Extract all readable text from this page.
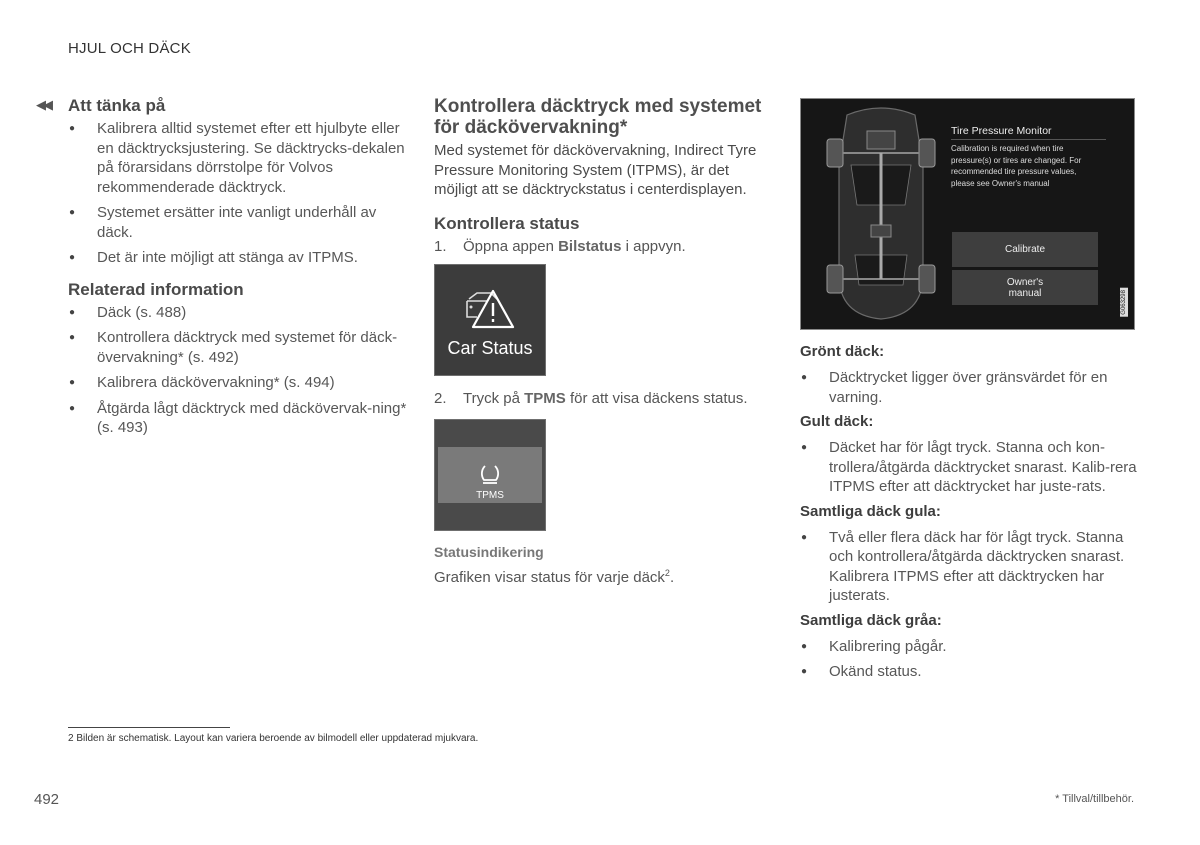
HJUL OCH DÄCK
◀◀ Att tänka på
● Kalibrera alltid systemet efter ett hjulbyte eller en däcktrycksjustering. Se däcktrycks-dekalen på förarsidans dörrstolpe för Volvos rekommenderade däcktryck.
● Systemet ersätter inte vanligt underhåll av däck.
● Det är inte möjligt att stänga av ITPMS.
Relaterad information
● Däck (s. 488)
● Kontrollera däcktryck med systemet för däck-övervakning* (s. 492)
● Kalibrera däckövervakning* (s. 494)
● Åtgärda lågt däcktryck med däckövervak-ning* (s. 493)
Kontrollera däcktryck med systemet för däckövervakning*
Med systemet för däckövervakning, Indirect Tyre Pressure Monitoring System (ITPMS), är det möjligt att se däcktryckstatus i centerdisplayen.
Kontrollera status
1. Öppna appen Bilstatus i appvyn.
Car Status
2. Tryck på TPMS för att visa däckens status.
TPMS
Statusindikering
Grafiken visar status för varje däck$^2$.
Tire Pressure Monitor
Calibration is required when tire pressure(s) or tires are changed. For recommended tire pressure values, please see Owner's manual
Calibrate
Owner's
manual	G063298
Grönt däck:
● Däcktrycket ligger över gränsvärdet för en varning.
Gult däck:
● Däcket har för lågt tryck. Stanna och kon-trollera/åtgärda däcktrycket snarast. Kalib-rera ITPMS efter att däcktrycket har juste-rats.
Samtliga däck gula:
● Två eller flera däck har för lågt tryck. Stanna och kontrollera/åtgärda däcktrycken snarast. Kalibrera ITPMS efter att däcktrycken har justerats.
Samtliga däck gråa:
● Kalibrering pågår.
● Okänd status.
2 Bilden är schematisk. Layout kan variera beroende av bilmodell eller uppdaterad mjukvara.
492	* Tillval/tillbehör.
